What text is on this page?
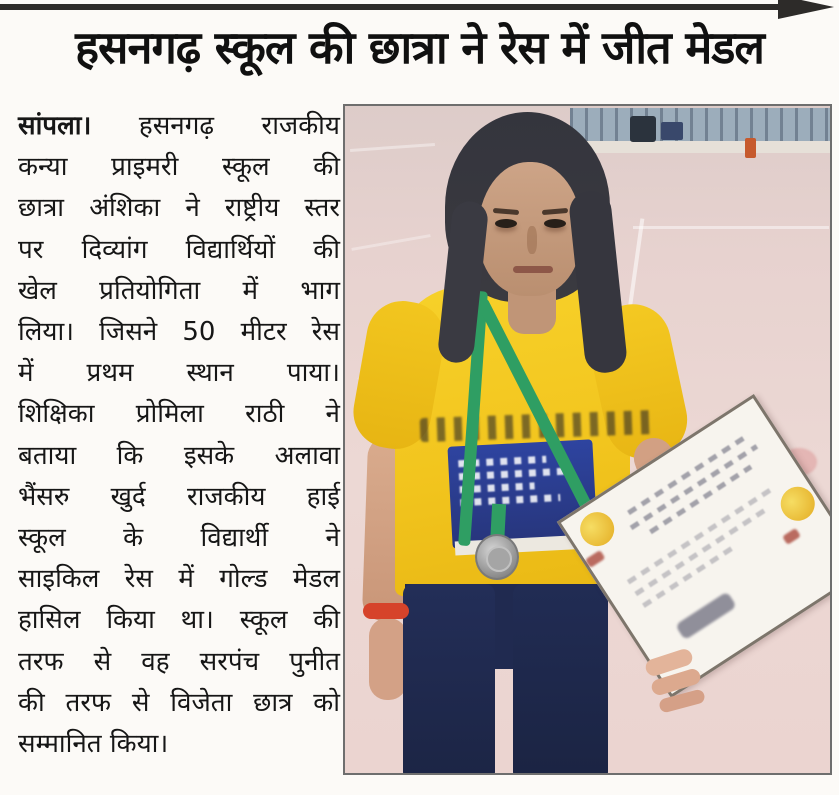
हसनगढ़ स्कूल की छात्रा ने रेस में जीत मेडल
सांपला। हसनगढ़ राजकीय
कन्या प्राइमरी स्कूल की
छात्रा अंशिका ने राष्ट्रीय स्तर
पर दिव्यांग विद्यार्थियों की
खेल प्रतियोगिता में भाग
लिया। जिसने 50 मीटर रेस
में प्रथम स्थान पाया।
शिक्षिका प्रोमिला राठी ने
बताया कि इसके अलावा
भैंसरु खुर्द राजकीय हाई
स्कूल के विद्यार्थी ने
साइकिल रेस में गोल्ड मेडल
हासिल किया था। स्कूल की
तरफ से वह सरपंच पुनीत
की तरफ से विजेता छात्र को
सम्मानित किया।
